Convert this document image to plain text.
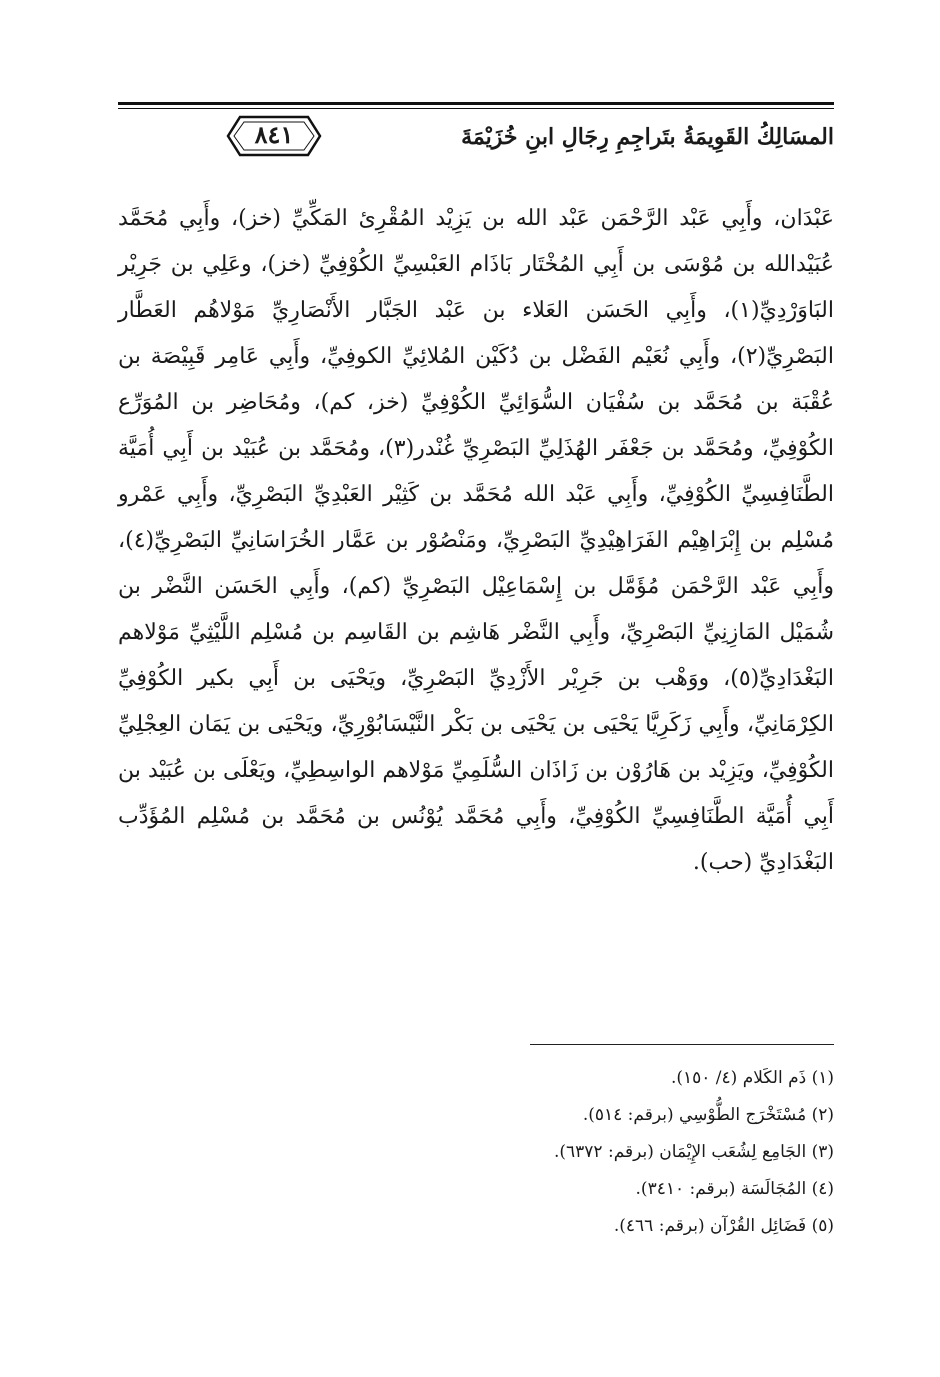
المسَالِكُ القَوِيمَةُ بتَراجِمِ رِجَالِ ابنِ خُزَيْمَةَ
٨٤١

عَبْدَان، وأَبِي عَبْد الرَّحْمَن عَبْد الله بن يَزِيْد المُقْرِئ المَكِّيِّ (خز)، وأَبِي مُحَمَّد عُبَيْدالله بن مُوْسَى بن أَبِي المُخْتَار بَاذَام العَبْسِيِّ الكُوْفِيِّ (خز)، وعَلِي بن جَرِيْر البَاوَرْدِيِّ(١)، وأَبِي الحَسَن العَلاء بن عَبْد الجَبَّار الأَنْصَارِيِّ مَوْلاهُم العَطَّار البَصْرِيِّ(٢)، وأَبِي نُعَيْم الفَضْل بن دُكَيْن المُلائِيِّ الكوفِيِّ، وأَبِي عَامِر قَبِيْصَة بن عُقْبَة بن مُحَمَّد بن سُفْيَان السُّوَائِيِّ الكُوْفِيِّ (خز، كم)، ومُحَاضِر بن المُوَرِّع الكُوْفِيِّ، ومُحَمَّد بن جَعْفَر الهُذَلِيِّ البَصْرِيِّ غُنْدر(٣)، ومُحَمَّد بن عُبَيْد بن أَبِي أُمَيَّة الطَّنَافِسِيِّ الكُوْفِيِّ، وأَبِي عَبْد الله مُحَمَّد بن كَثِيْر العَبْدِيِّ البَصْرِيِّ، وأَبِي عَمْرو مُسْلِم بن إِبْرَاهِيْم الفَرَاهِيْدِيِّ البَصْرِيِّ، ومَنْصُوْر بن عَمَّار الخُرَاسَانِيِّ البَصْرِيِّ(٤)، وأَبِي عَبْد الرَّحْمَن مُؤَمَّل بن إِسْمَاعِيْل البَصْرِيِّ (كم)، وأَبِي الحَسَن النَّضْر بن شُمَيْل المَازِنِيِّ البَصْرِيِّ، وأَبِي النَّضْر هَاشِم بن القَاسِم بن مُسْلِم اللَّيْثِيِّ مَوْلاهم البَغْدَادِيِّ(٥)، ووَهْب بن جَرِيْر الأَزْدِيِّ البَصْرِيِّ، ويَحْيَى بن أَبِي بكير الكُوْفِيِّ الكِرْمَانِيِّ، وأَبِي زَكَرِيَّا يَحْيَى بن يَحْيَى بن بَكْر النَّيْسَابُوْرِيِّ، ويَحْيَى بن يَمَان العِجْلِيِّ الكُوْفِيِّ، ويَزِيْد بن هَارُوْن بن زَاذَان السُّلَمِيِّ مَوْلاهم الواسِطِيِّ، ويَعْلَى بن عُبَيْد بن أَبِي أُمَيَّة الطَّنَافِسِيِّ الكُوْفِيِّ، وأَبِي مُحَمَّد يُوْنُس بن مُحَمَّد بن مُسْلِم المُؤَدِّب البَغْدَادِيِّ (حب).

(١) ذَم الكَلام (٤/ ١٥٠).
(٢) مُسْتَخْرَج الطُّوْسِي (برقم: ٥١٤).
(٣) الجَامِع لِشُعَب الإِيْمَان (برقم: ٦٣٧٢).
(٤) المُجَالَسَة (برقم: ٣٤١٠).
(٥) فَضَائِل القُرْآن (برقم: ٤٦٦).
